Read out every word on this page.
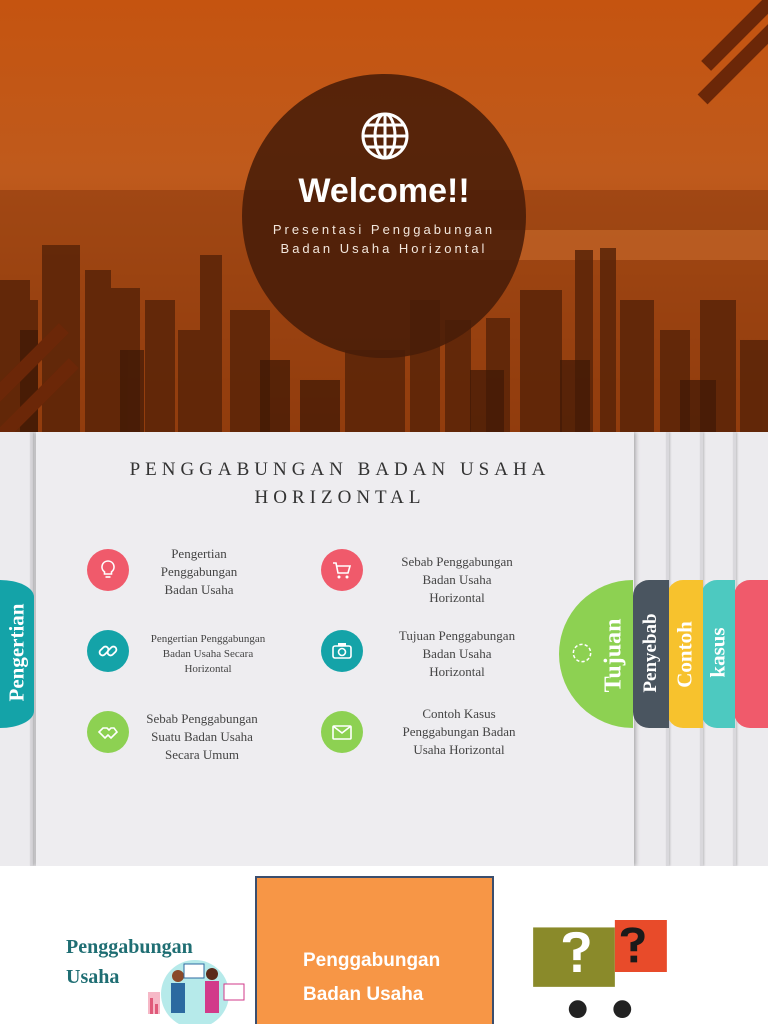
Welcome!!
Presentasi Penggabungan
Badan Usaha Horizontal
PENGGABUNGAN BADAN USAHA
HORIZONTAL
Pengertian
Penggabungan
Badan Usaha
Pengertian Penggabungan
Badan Usaha Secara
Horizontal
Sebab Penggabungan
Suatu Badan Usaha
Secara Umum
Sebab Penggabungan
Badan Usaha
Horizontal
Tujuan Penggabungan
Badan Usaha
Horizontal
Contoh Kasus
Penggabungan Badan
Usaha Horizontal
Pengertian	kasus
Contoh
Penyebab
Tujuan
Penggabungan
Usaha
Penggabungan
Badan Usaha
